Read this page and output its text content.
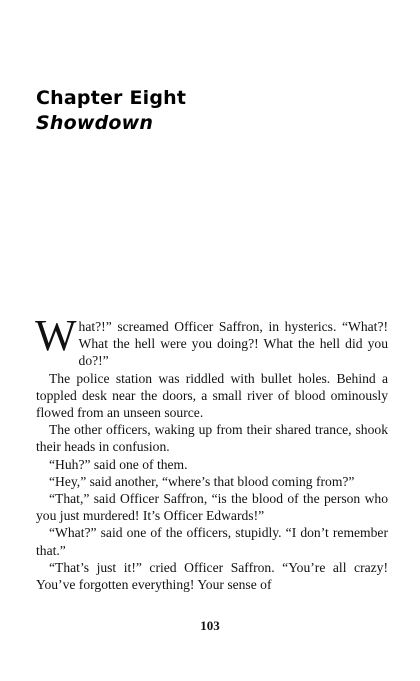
Chapter Eight
Showdown

What?!” screamed Officer Saffron, in hysterics. “What?! What the hell were you doing?! What the hell did you do?!”

The police station was riddled with bullet holes. Behind a toppled desk near the doors, a small river of blood ominously flowed from an unseen source.

The other officers, waking up from their shared trance, shook their heads in confusion.

“Huh?” said one of them.

“Hey,” said another, “where’s that blood coming from?”

“That,” said Officer Saffron, “is the blood of the person who you just murdered! It’s Officer Edwards!”

“What?” said one of the officers, stupidly. “I don’t remember that.”

“That’s just it!” cried Officer Saffron. “You’re all crazy! You’ve forgotten everything! Your sense of

103
